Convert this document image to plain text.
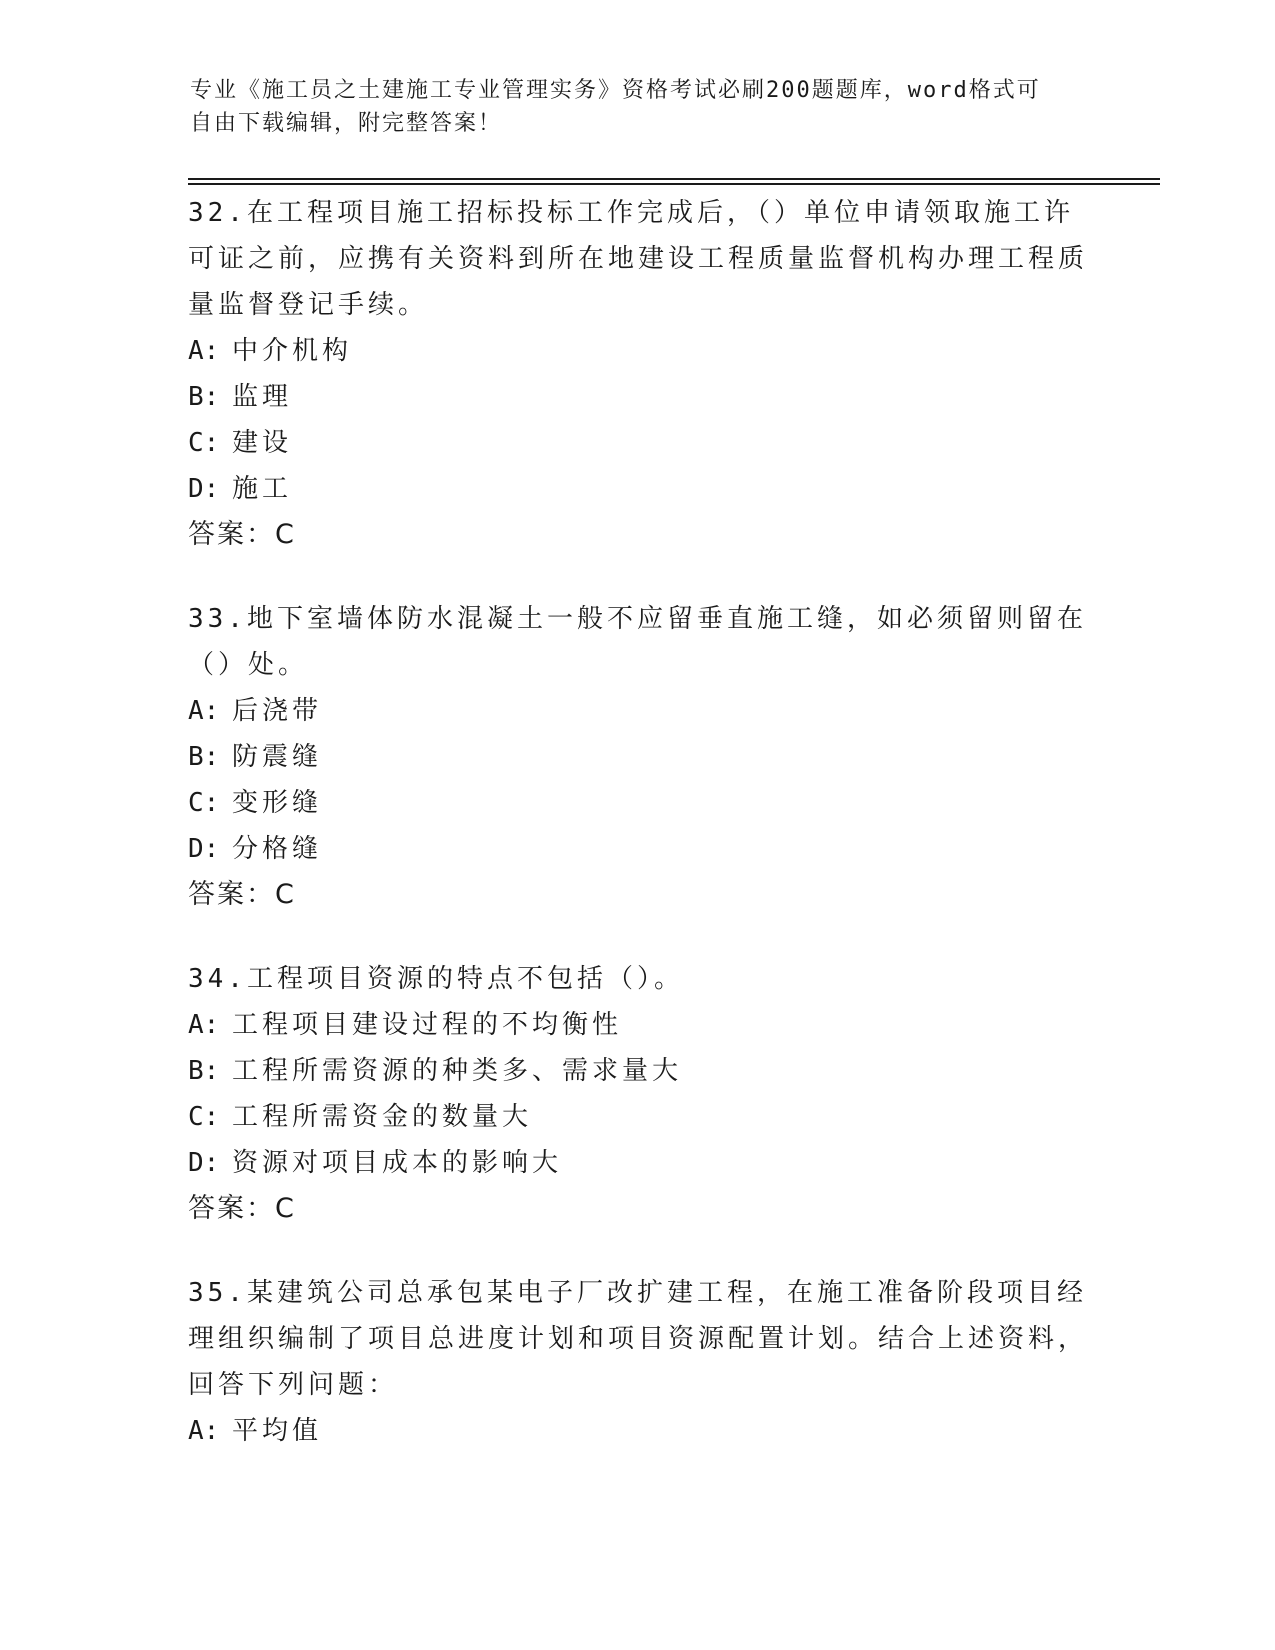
专业《施工员之土建施工专业管理实务》资格考试必刷200题题库，word格式可
自由下载编辑，附完整答案！

32.在工程项目施工招标投标工作完成后，（）单位申请领取施工许可证之前，应携有关资料到所在地建设工程质量监督机构办理工程质量监督登记手续。

A: 中介机构
B: 监理
C: 建设
D: 施工

答案：C

33.地下室墙体防水混凝土一般不应留垂直施工缝，如必须留则留在（）处。

A: 后浇带
B: 防震缝
C: 变形缝
D: 分格缝

答案：C

34.工程项目资源的特点不包括（）。

A: 工程项目建设过程的不均衡性
B: 工程所需资源的种类多、需求量大
C: 工程所需资金的数量大
D: 资源对项目成本的影响大

答案：C

35.某建筑公司总承包某电子厂改扩建工程，在施工准备阶段项目经理组织编制了项目总进度计划和项目资源配置计划。结合上述资料，回答下列问题：

A: 平均值
